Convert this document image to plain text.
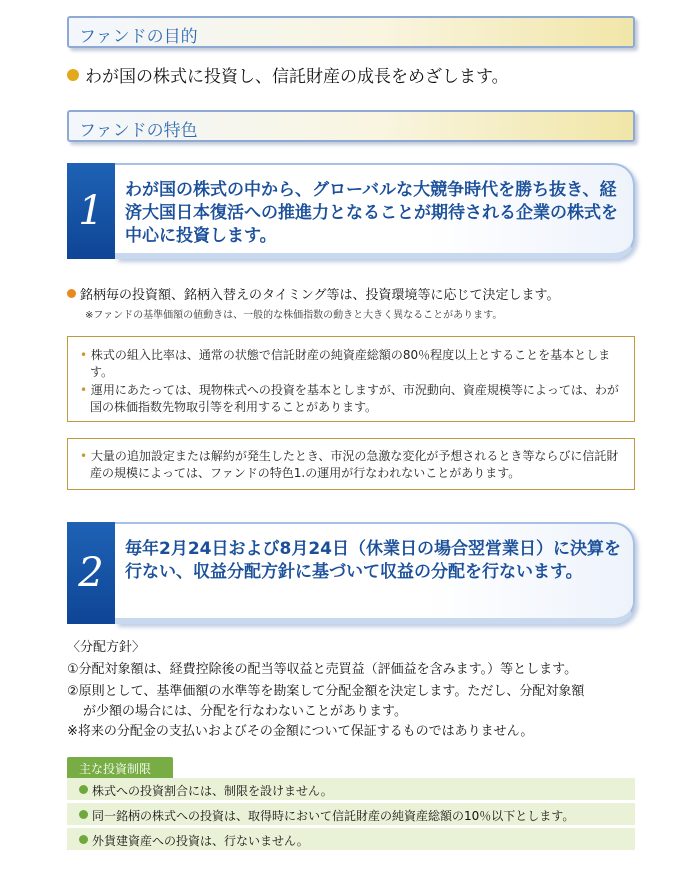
ファンドの目的
わが国の株式に投資し、信託財産の成長をめざします。
ファンドの特色
1	わが国の株式の中から、グローバルな大競争時代を勝ち抜き、経済大国日本復活への推進力となることが期待される企業の株式を中心に投資します。
銘柄毎の投資額、銘柄入替えのタイミング等は、投資環境等に応じて決定します。
※ファンドの基準価額の値動きは、一般的な株価指数の動きと大きく異なることがあります。

• 株式の組入比率は、通常の状態で信託財産の純資産総額の80％程度以上とすることを基本とします。

• 運用にあたっては、現物株式への投資を基本としますが、市況動向、資産規模等によっては、わが国の株価指数先物取引等を利用することがあります。

• 大量の追加設定または解約が発生したとき、市況の急激な変化が予想されるとき等ならびに信託財産の規模によっては、ファンドの特色1.の運用が行なわれないことがあります。

2
毎年2月24日および8月24日（休業日の場合翌営業日）に決算を行ない、収益分配方針に基づいて収益の分配を行ないます。
〈分配方針〉
①分配対象額は、経費控除後の配当等収益と売買益（評価益を含みます。）等とします。
②原則として、基準価額の水準等を勘案して分配金額を決定します。ただし、分配対象額
が少額の場合には、分配を行なわないことがあります。
※将来の分配金の支払いおよびその金額について保証するものではありません。
主な投資制限
株式への投資割合には、制限を設けません。
同一銘柄の株式への投資は、取得時において信託財産の純資産総額の10％以下とします。
外貨建資産への投資は、行ないません。
